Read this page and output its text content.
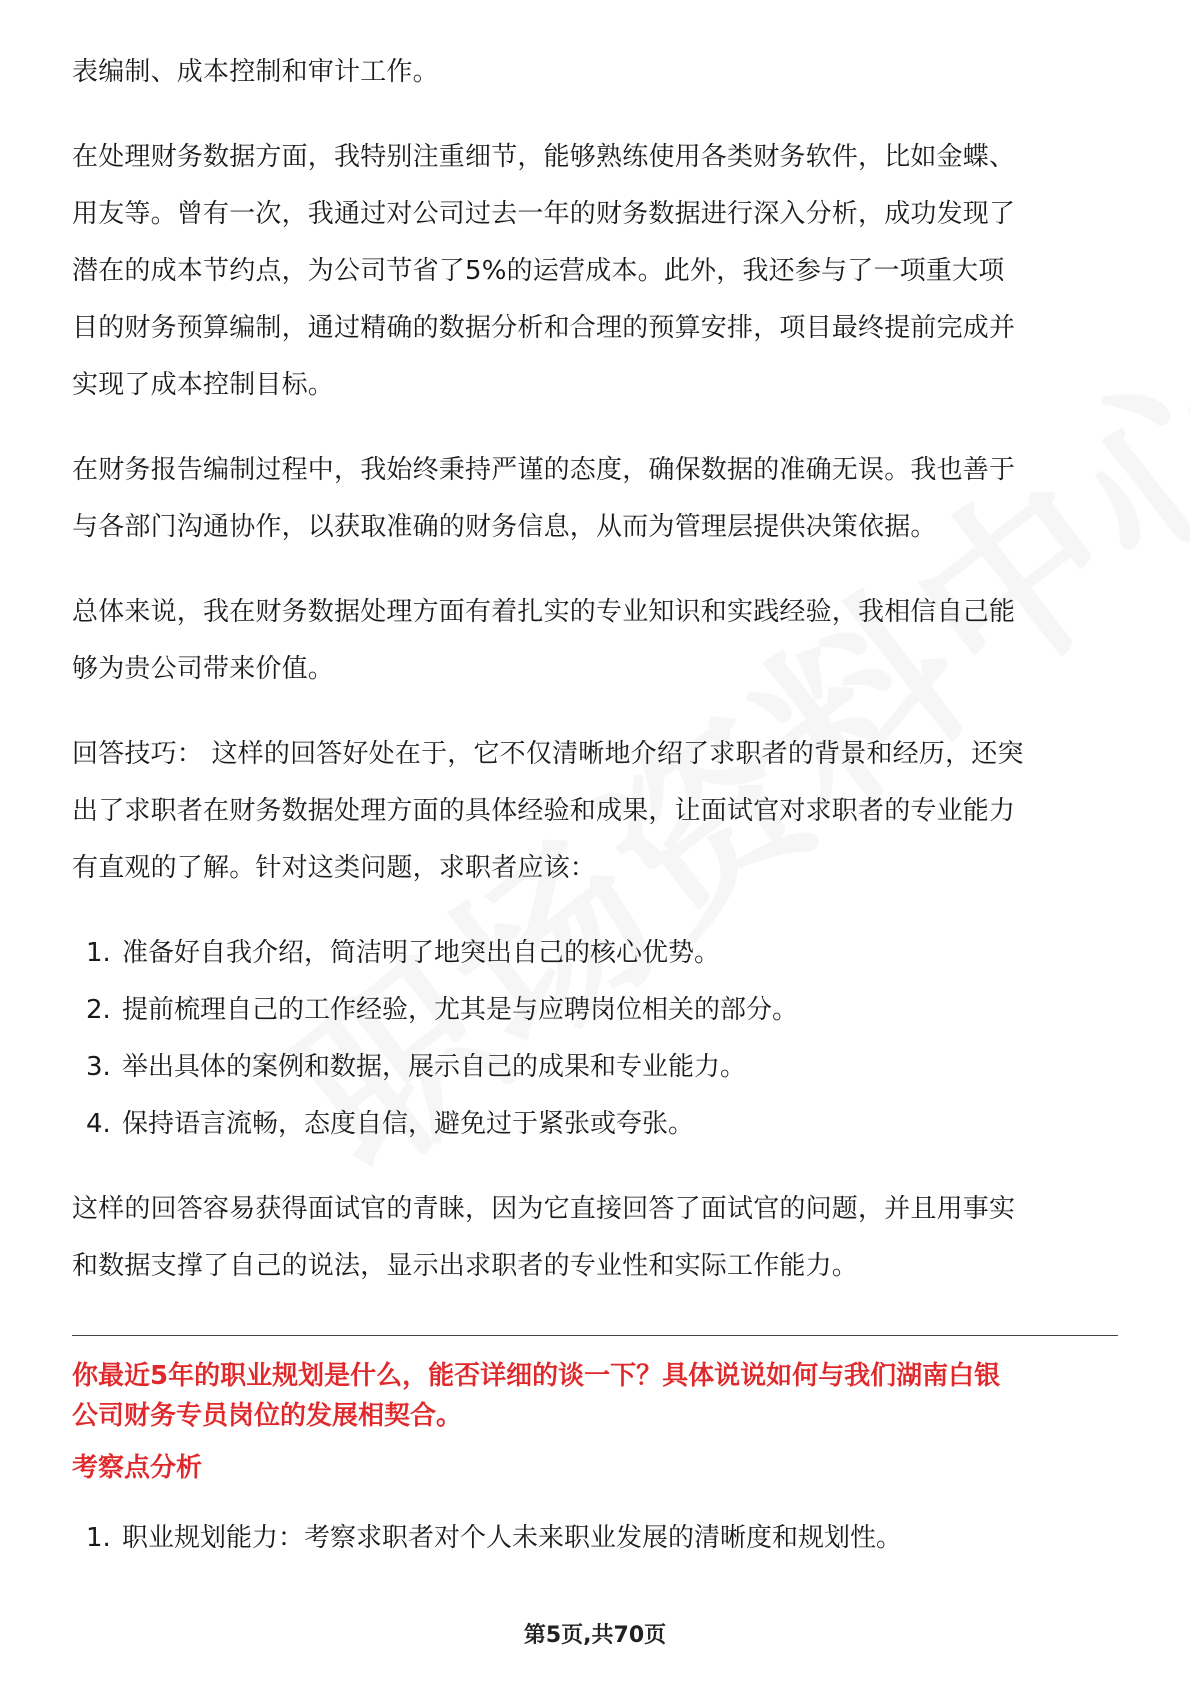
表编制、成本控制和审计工作。

在处理财务数据方面，我特别注重细节，能够熟练使用各类财务软件，比如金蝶、

用友等。曾有一次，我通过对公司过去一年的财务数据进行深入分析，成功发现了

潜在的成本节约点，为公司节省了5%的运营成本。此外，我还参与了一项重大项

目的财务预算编制，通过精确的数据分析和合理的预算安排，项目最终提前完成并

实现了成本控制目标。

在财务报告编制过程中，我始终秉持严谨的态度，确保数据的准确无误。我也善于

与各部门沟通协作，以获取准确的财务信息，从而为管理层提供决策依据。

总体来说，我在财务数据处理方面有着扎实的专业知识和实践经验，我相信自己能

够为贵公司带来价值。

回答技巧： 这样的回答好处在于，它不仅清晰地介绍了求职者的背景和经历，还突

出了求职者在财务数据处理方面的具体经验和成果，让面试官对求职者的专业能力

有直观的了解。针对这类问题，求职者应该：

1. 准备好自我介绍，简洁明了地突出自己的核心优势。
2. 提前梳理自己的工作经验，尤其是与应聘岗位相关的部分。
3. 举出具体的案例和数据，展示自己的成果和专业能力。
4. 保持语言流畅，态度自信，避免过于紧张或夸张。

这样的回答容易获得面试官的青睐，因为它直接回答了面试官的问题，并且用事实

和数据支撑了自己的说法，显示出求职者的专业性和实际工作能力。

你最近5年的职业规划是什么，能否详细的谈一下？具体说说如何与我们湖南白银

公司财务专员岗位的发展相契合。

考察点分析

1. 职业规划能力：考察求职者对个人未来职业发展的清晰度和规划性。
第5页,共70页
